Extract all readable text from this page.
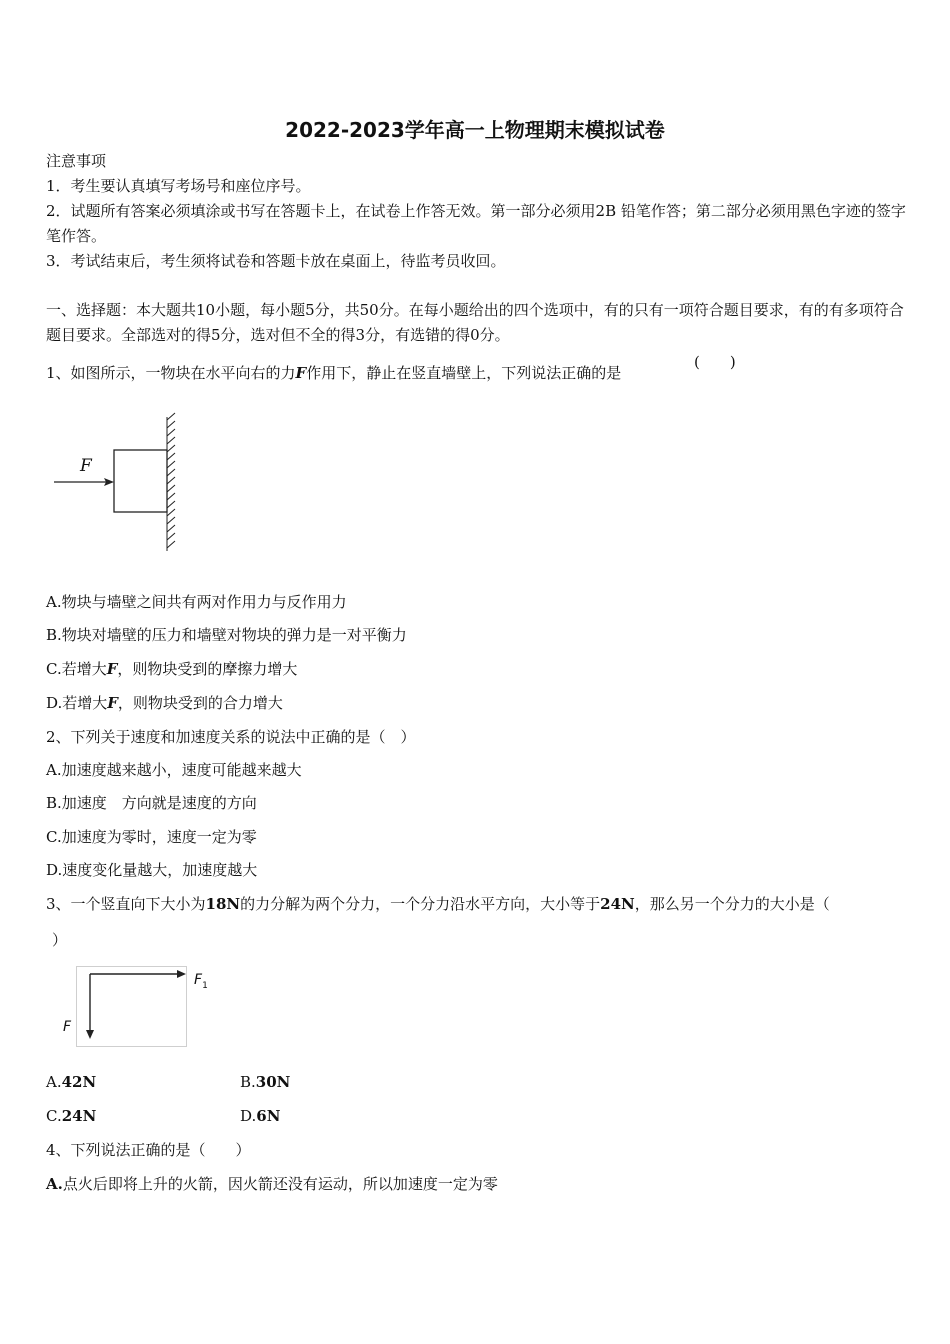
2022-2023学年高一上物理期末模拟试卷
注意事项
1．考生要认真填写考场号和座位序号。
2．试题所有答案必须填涂或书写在答题卡上，在试卷上作答无效。第一部分必须用2B 铅笔作答；第二部分必须用黑色字迹的签字笔作答。
3．考试结束后，考生须将试卷和答题卡放在桌面上，待监考员收回。
一、选择题：本大题共10小题，每小题5分，共50分。在每小题给出的四个选项中，有的只有一项符合题目要求，有的有多项符合题目要求。全部选对的得5分，选对但不全的得3分，有选错的得0分。
1、如图所示，一物块在水平向右的力F作用下，静止在竖直墙壁上，下列说法正确的是
(　　)
F
A.物块与墙壁之间共有两对作用力与反作用力
B.物块对墙壁的压力和墙壁对物块的弹力是一对平衡力
C.若增大F，则物块受到的摩擦力增大
D.若增大F，则物块受到的合力增大
2、下列关于速度和加速度关系的说法中正确的是（　）
A.加速度越来越小，速度可能越来越大
B.加速度　方向就是速度的方向
C.加速度为零时，速度一定为零
D.速度变化量越大，加速度越大
3、一个竖直向下大小为18N的力分解为两个分力，一个分力沿水平方向，大小等于24N，那么另一个分力的大小是（
）
$F_1$
F
A.42N	B.30N
C.24N	D.6N
4、下列说法正确的是（　　）
A.点火后即将上升的火箭，因火箭还没有运动，所以加速度一定为零
